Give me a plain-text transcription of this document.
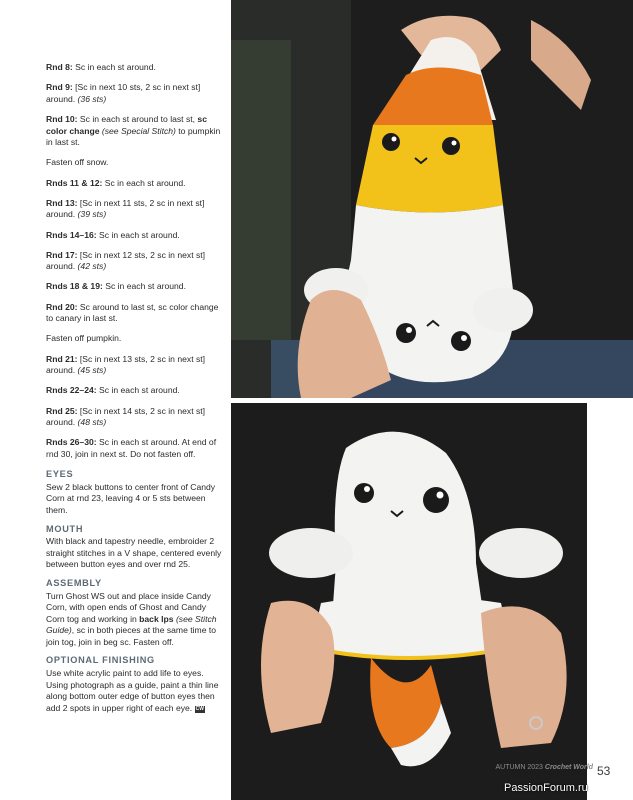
Rnd 8: Sc in each st around.

Rnd 9: [Sc in next 10 sts, 2 sc in next st] around. (36 sts)

Rnd 10: Sc in each st around to last st, sc color change (see Special Stitch) to pumpkin in last st.

Fasten off snow.

Rnds 11 & 12: Sc in each st around.

Rnd 13: [Sc in next 11 sts, 2 sc in next st] around. (39 sts)

Rnds 14–16: Sc in each st around.

Rnd 17: [Sc in next 12 sts, 2 sc in next st] around. (42 sts)

Rnds 18 & 19: Sc in each st around.

Rnd 20: Sc around to last st, sc color change to canary in last st.

Fasten off pumpkin.

Rnd 21: [Sc in next 13 sts, 2 sc in next st] around. (45 sts)

Rnds 22–24: Sc in each st around.

Rnd 25: [Sc in next 14 sts, 2 sc in next st] around. (48 sts)

Rnds 26–30: Sc in each st around. At end of rnd 30, join in next st. Do not fasten off.

EYES
Sew 2 black buttons to center front of Candy Corn at rnd 23, leaving 4 or 5 sts between them.
MOUTH
With black and tapestry needle, embroider 2 straight stitches in a V shape, centered evenly between button eyes and over rnd 25.
ASSEMBLY
Turn Ghost WS out and place inside Candy Corn, with open ends of Ghost and Candy Corn tog and working in back lps (see Stitch Guide), sc in both pieces at the same time to join tog, join in beg sc. Fasten off.
OPTIONAL FINISHING
Use white acrylic paint to add life to eyes. Using photograph as a guide, paint a thin line along bottom outer edge of button eyes then add 2 spots in upper right of each eye. CW
AUTUMN 2023 Crochet World 53
PassionForum.ru
